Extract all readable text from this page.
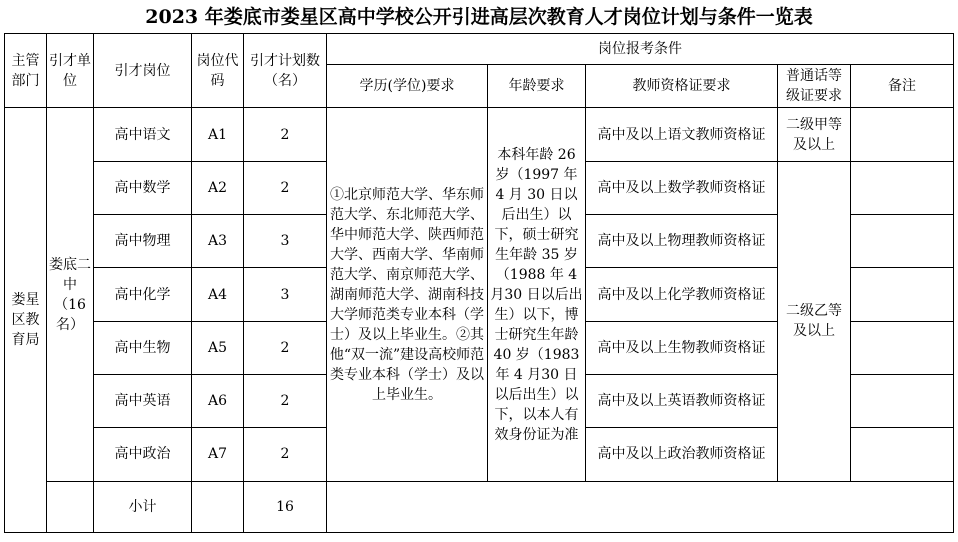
2023 年娄底市娄星区高中学校公开引进高层次教育人才岗位计划与条件一览表
主管部门	引才单位	引才岗位	岗位代码	引才计划数（名）	岗位报考条件				
					学历(学位)要求	年龄要求	教师资格证要求	普通话等级证要求	备注
娄星区教育局	娄底二中（16名）	高中语文	A1	2	①北京师范大学、华东师范大学、东北师范大学、华中师范大学、陕西师范大学、西南大学、华南师范大学、南京师范大学、湖南师范大学、湖南科技大学师范类专业本科（学士）及以上毕业生。②其他“双一流”建设高校师范类专业本科（学士）及以上毕业生。	本科年龄 26 岁（1997 年 4 月 30 日以后出生）以下，硕士研究生年龄 35 岁（1988 年 4 月30 日以后出生）以下，博士研究生年龄 40 岁（1983 年 4 月30 日以后出生）以下，以本人有效身份证为准	高中及以上语文教师资格证	二级甲等及以上	
		高中数学	A2	2			高中及以上数学教师资格证	二级乙等及以上	
		高中物理	A3	3			高中及以上物理教师资格证		
		高中化学	A4	3			高中及以上化学教师资格证		
		高中生物	A5	2			高中及以上生物教师资格证		
		高中英语	A6	2			高中及以上英语教师资格证		
		高中政治	A7	2			高中及以上政治教师资格证		
		小计		16					
